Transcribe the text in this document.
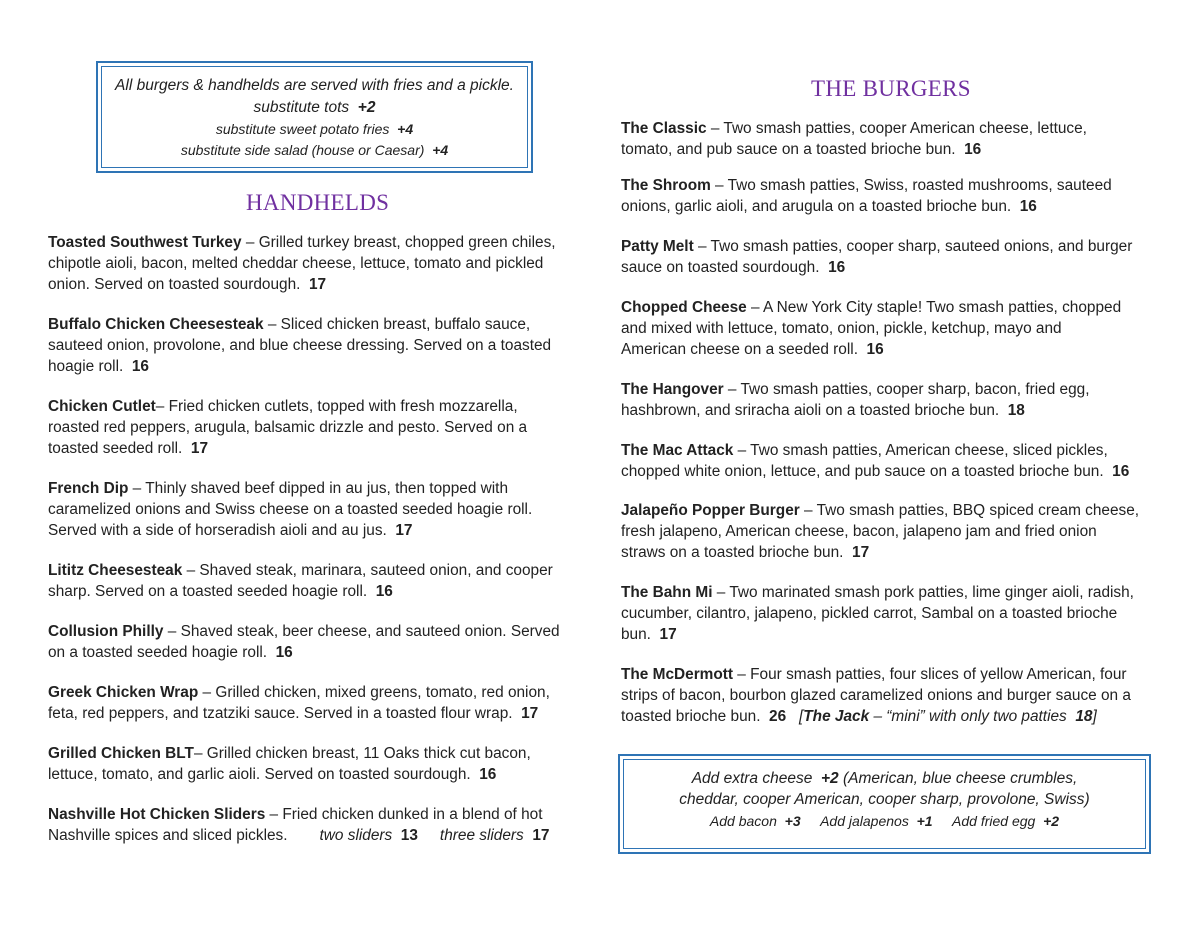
All burgers & handhelds are served with fries and a pickle.
substitute tots +2
substitute sweet potato fries +4
substitute side salad (house or Caesar) +4
HANDHELDS
THE BURGERS
Toasted Southwest Turkey – Grilled turkey breast, chopped green chiles,
chipotle aioli, bacon, melted cheddar cheese, lettuce, tomato and pickled
onion. Served on toasted sourdough. 17
Buffalo Chicken Cheesesteak – Sliced chicken breast, buffalo sauce,
sauteed onion, provolone, and blue cheese dressing. Served on a toasted
hoagie roll. 16
Chicken Cutlet– Fried chicken cutlets, topped with fresh mozzarella,
roasted red peppers, arugula, balsamic drizzle and pesto. Served on a
toasted seeded roll. 17
French Dip – Thinly shaved beef dipped in au jus, then topped with
caramelized onions and Swiss cheese on a toasted seeded hoagie roll.
Served with a side of horseradish aioli and au jus. 17
Lititz Cheesesteak – Shaved steak, marinara, sauteed onion, and cooper
sharp. Served on a toasted seeded hoagie roll. 16
Collusion Philly – Shaved steak, beer cheese, and sauteed onion. Served
on a toasted seeded hoagie roll. 16
Greek Chicken Wrap – Grilled chicken, mixed greens, tomato, red onion,
feta, red peppers, and tzatziki sauce. Served in a toasted flour wrap. 17
Grilled Chicken BLT– Grilled chicken breast, 11 Oaks thick cut bacon,
lettuce, tomato, and garlic aioli. Served on toasted sourdough. 16
Nashville Hot Chicken Sliders – Fried chicken dunked in a blend of hot
Nashville spices and sliced pickles. two sliders 13 three sliders 17
The Classic – Two smash patties, cooper American cheese, lettuce,
tomato, and pub sauce on a toasted brioche bun. 16
The Shroom – Two smash patties, Swiss, roasted mushrooms, sauteed
onions, garlic aioli, and arugula on a toasted brioche bun. 16
Patty Melt – Two smash patties, cooper sharp, sauteed onions, and burger
sauce on toasted sourdough. 16
Chopped Cheese – A New York City staple! Two smash patties, chopped
and mixed with lettuce, tomato, onion, pickle, ketchup, mayo and
American cheese on a seeded roll. 16
The Hangover – Two smash patties, cooper sharp, bacon, fried egg,
hashbrown, and sriracha aioli on a toasted brioche bun. 18
The Mac Attack – Two smash patties, American cheese, sliced pickles,
chopped white onion, lettuce, and pub sauce on a toasted brioche bun. 16
Jalapeño Popper Burger – Two smash patties, BBQ spiced cream cheese,
fresh jalapeno, American cheese, bacon, jalapeno jam and fried onion
straws on a toasted brioche bun. 17
The Bahn Mi – Two marinated smash pork patties, lime ginger aioli, radish,
cucumber, cilantro, jalapeno, pickled carrot, Sambal on a toasted brioche
bun. 17
The McDermott – Four smash patties, four slices of yellow American, four
strips of bacon, bourbon glazed caramelized onions and burger sauce on a
toasted brioche bun. 26 [The Jack – “mini” with only two patties 18]
Add extra cheese +2 (American, blue cheese crumbles,
cheddar, cooper American, cooper sharp, provolone, Swiss)
Add bacon +3 Add jalapenos +1 Add fried egg +2
